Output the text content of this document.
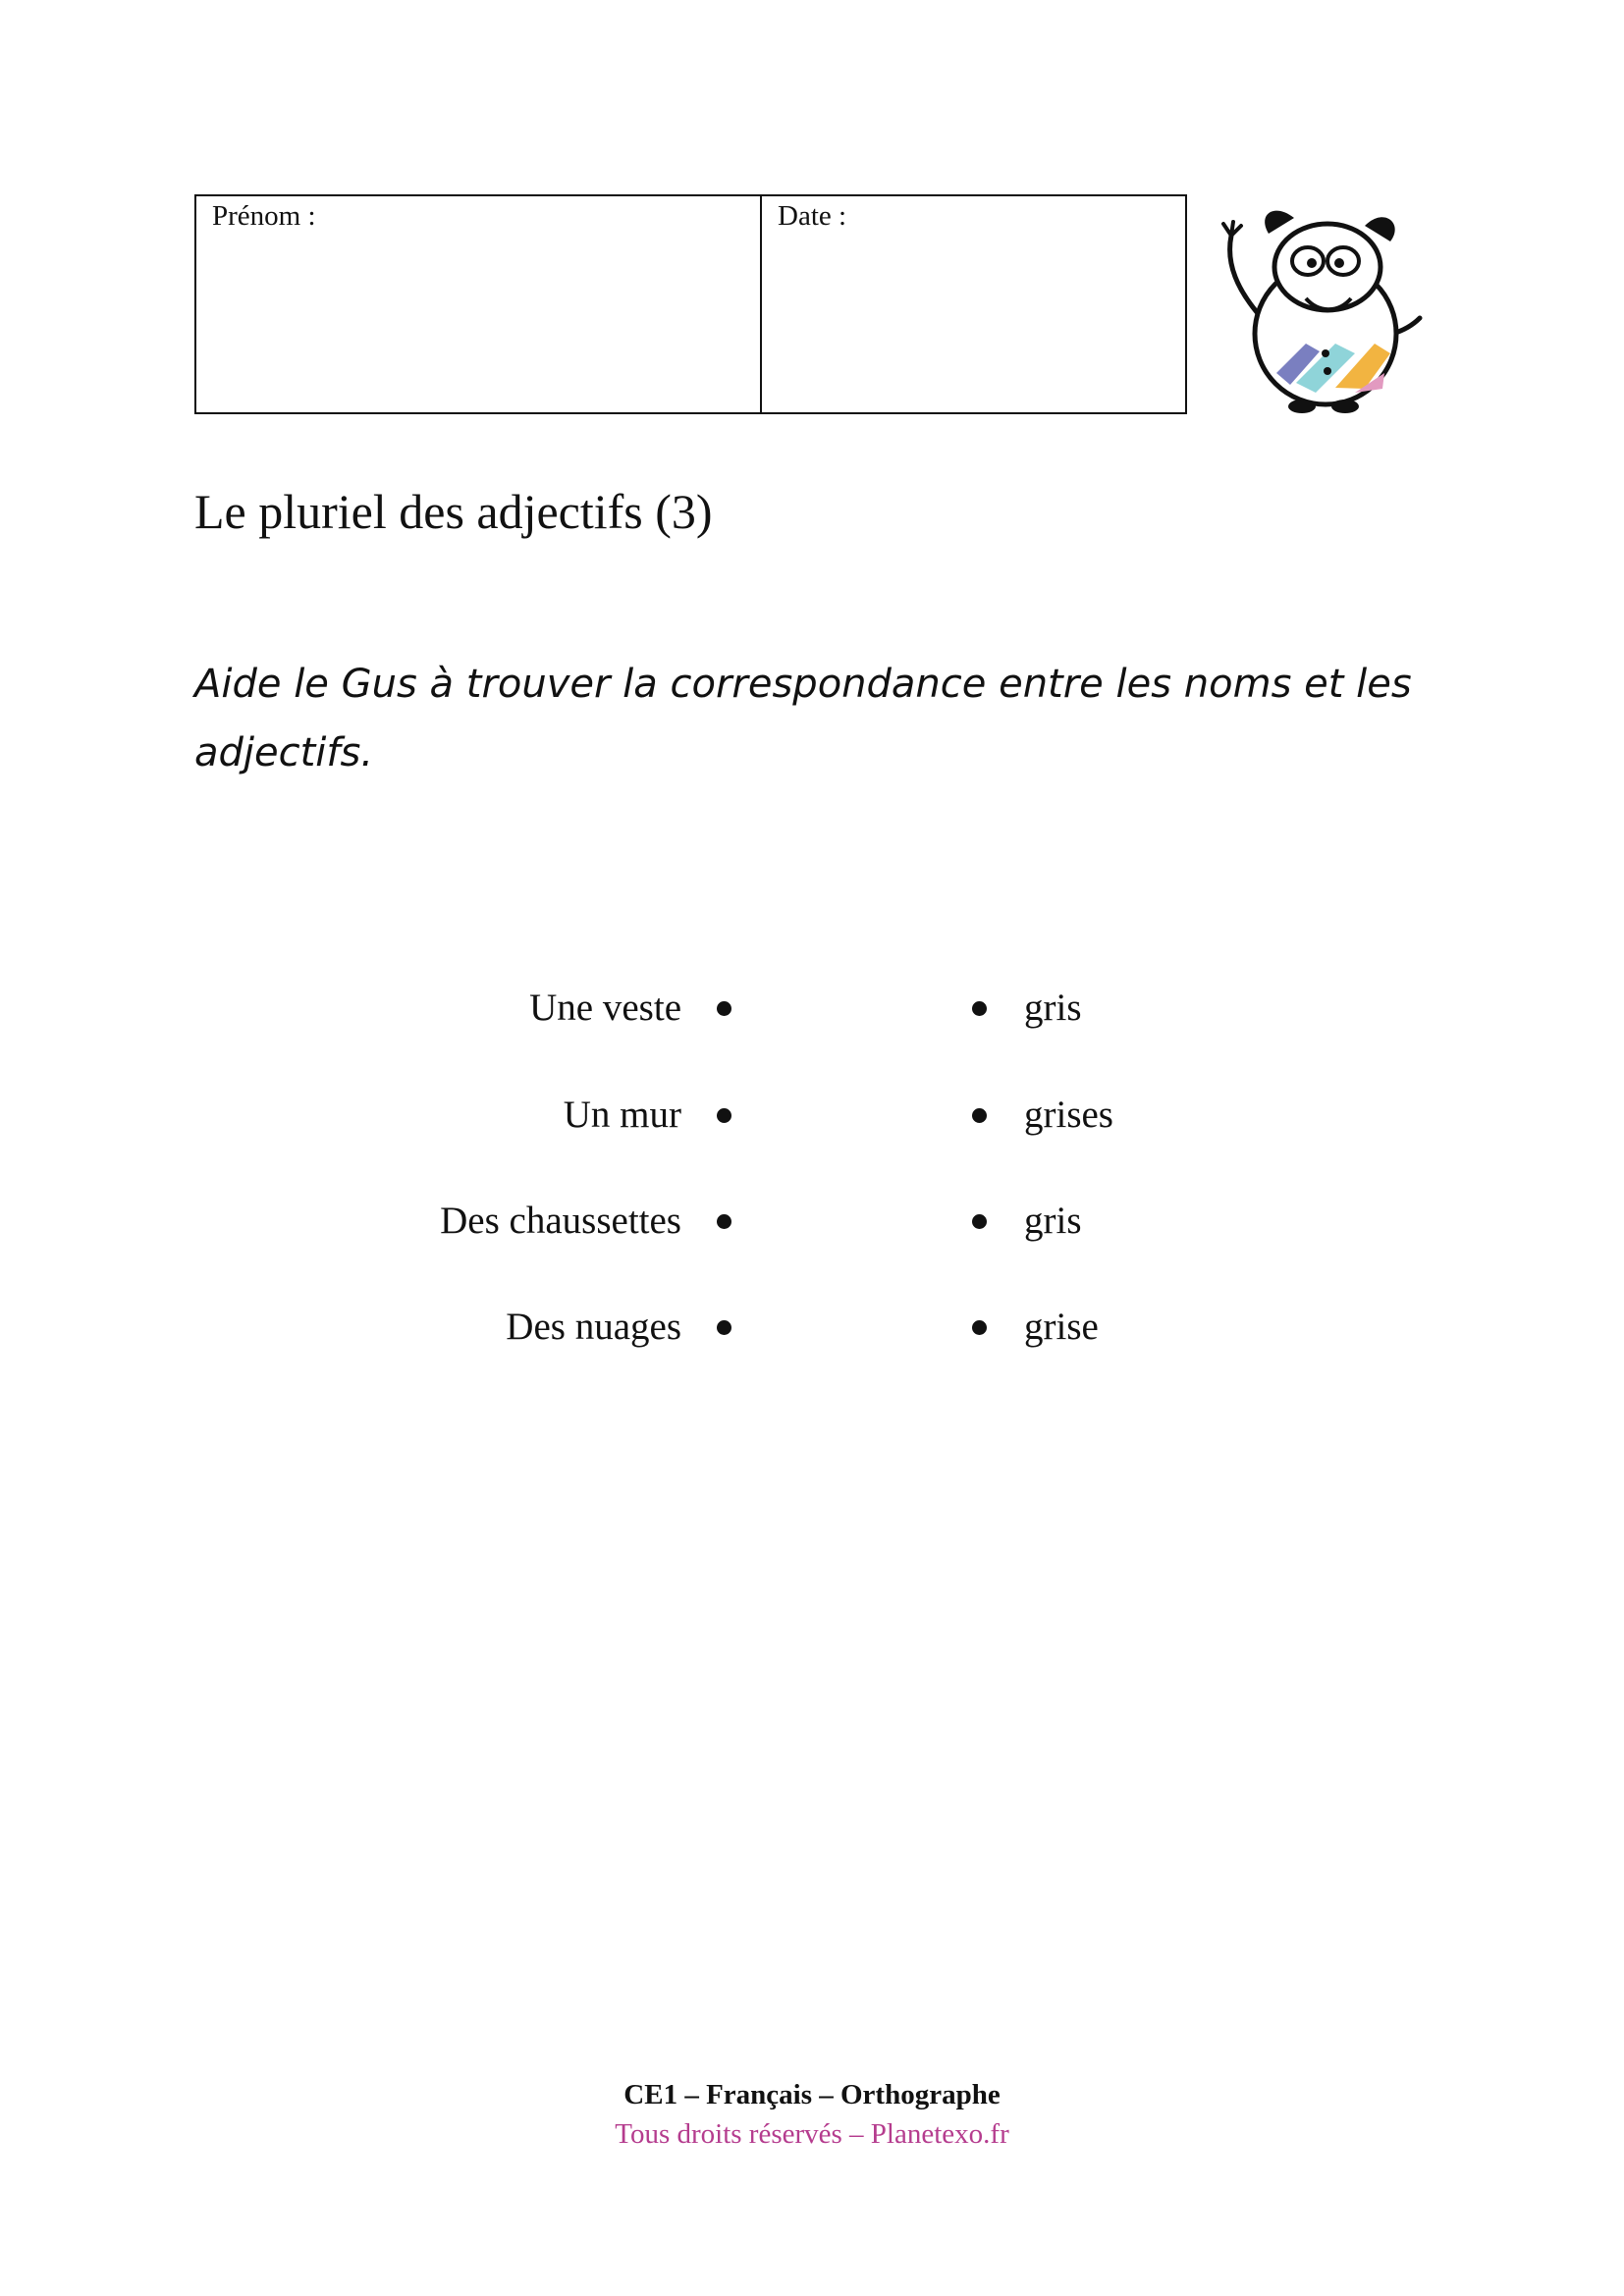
Prénom :	Date :
Le pluriel des adjectifs (3)
Aide le Gus à trouver la correspondance entre les noms et les adjectifs.
Une veste	gris
Un mur	grises
Des chaussettes	gris
Des nuages	grise
CE1 – Français – Orthographe
Tous droits réservés – Planetexo.fr
